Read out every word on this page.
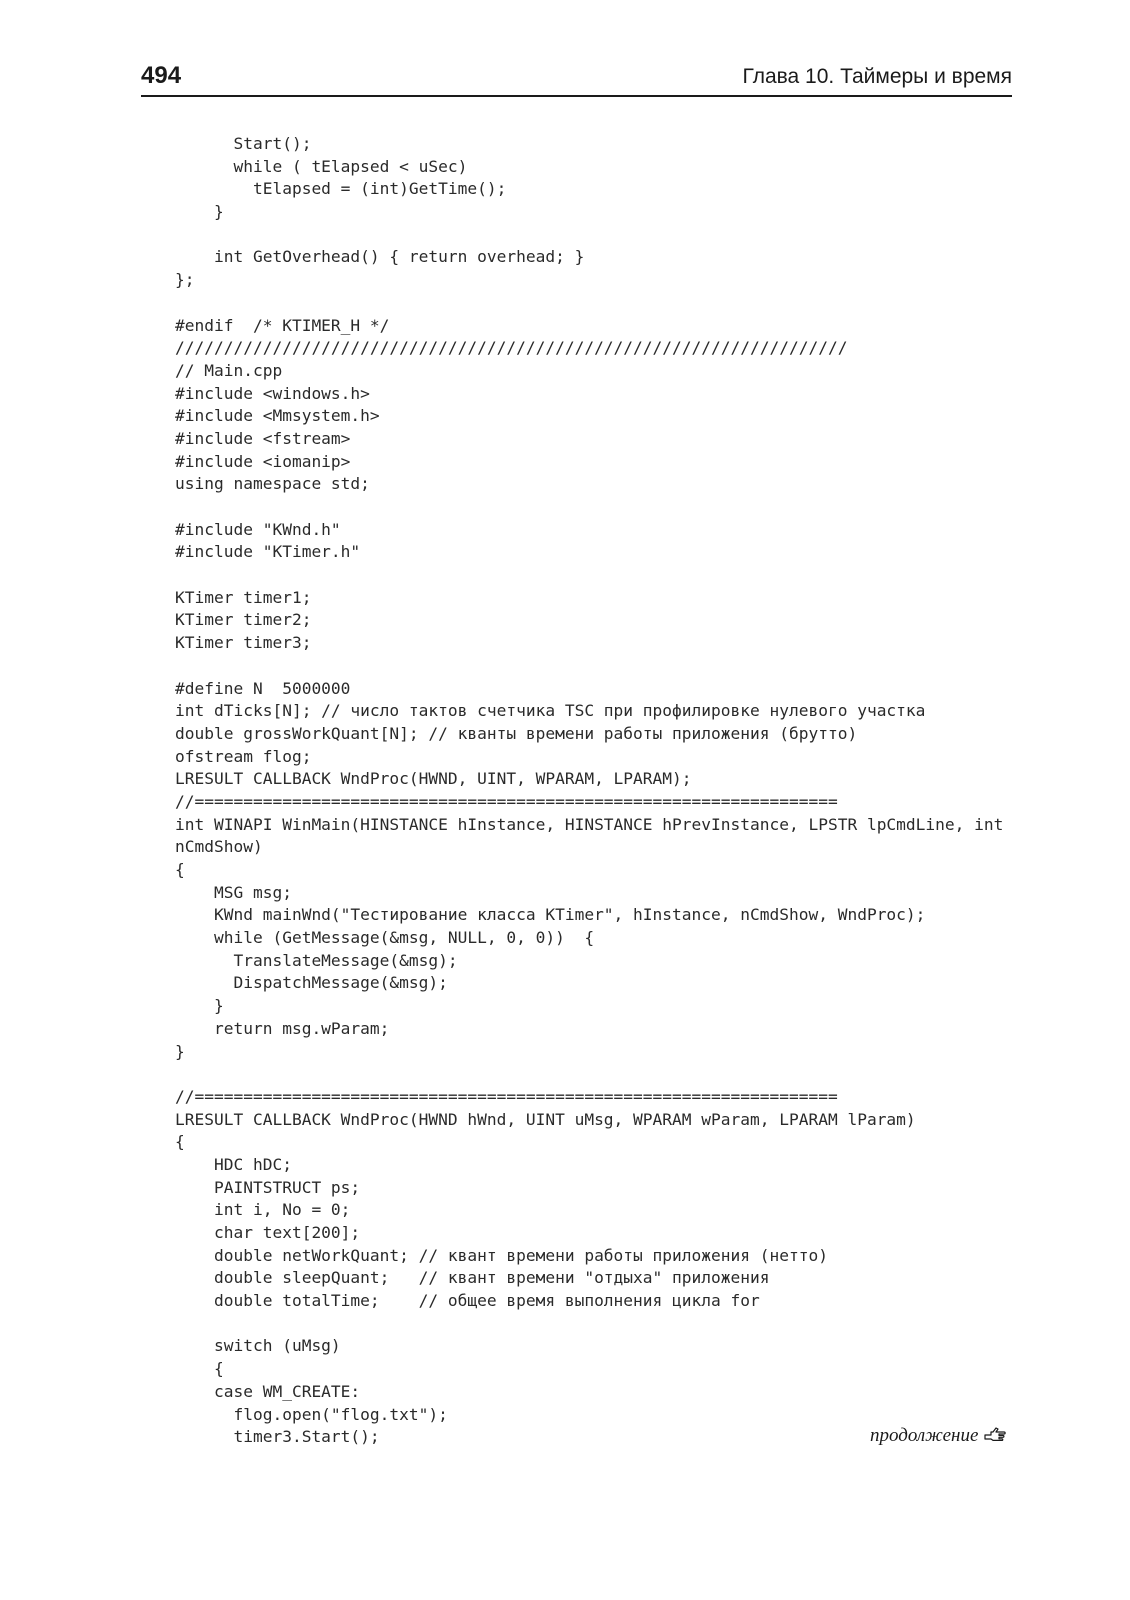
494	Глава 10. Таймеры и время
Start();
while ( tElapsed < uSec)
tElapsed = (int)GetTime();
}
int GetOverhead() { return overhead; }
};
#endif  /* KTIMER_H */
/////////////////////////////////////////////////////////////////////
// Main.cpp
#include <windows.h>
#include <Mmsystem.h>
#include <fstream>
#include <iomanip>
using namespace std;
#include "KWnd.h"
#include "KTimer.h"
KTimer timer1;
KTimer timer2;
KTimer timer3;
#define N  5000000
int dTicks[N]; // число тактов счетчика TSC при профилировке нулевого участка
double grossWorkQuant[N]; // кванты времени работы приложения (брутто)
ofstream flog;
LRESULT CALLBACK WndProc(HWND, UINT, WPARAM, LPARAM);
//==================================================================
int WINAPI WinMain(HINSTANCE hInstance, HINSTANCE hPrevInstance, LPSTR lpCmdLine, int
nCmdShow)
{
MSG msg;
KWnd mainWnd("Тестирование класса KTimer", hInstance, nCmdShow, WndProc);
while (GetMessage(&msg, NULL, 0, 0))  {
TranslateMessage(&msg);
DispatchMessage(&msg);
}
return msg.wParam;
}
//==================================================================
LRESULT CALLBACK WndProc(HWND hWnd, UINT uMsg, WPARAM wParam, LPARAM lParam)
{
HDC hDC;
PAINTSTRUCT ps;
int i, No = 0;
char text[200];
double netWorkQuant; // квант времени работы приложения (нетто)
double sleepQuant;   // квант времени "отдыха" приложения
double totalTime;    // общее время выполнения цикла for
switch (uMsg)
{
case WM_CREATE:
flog.open("flog.txt");
timer3.Start();	продолжение
